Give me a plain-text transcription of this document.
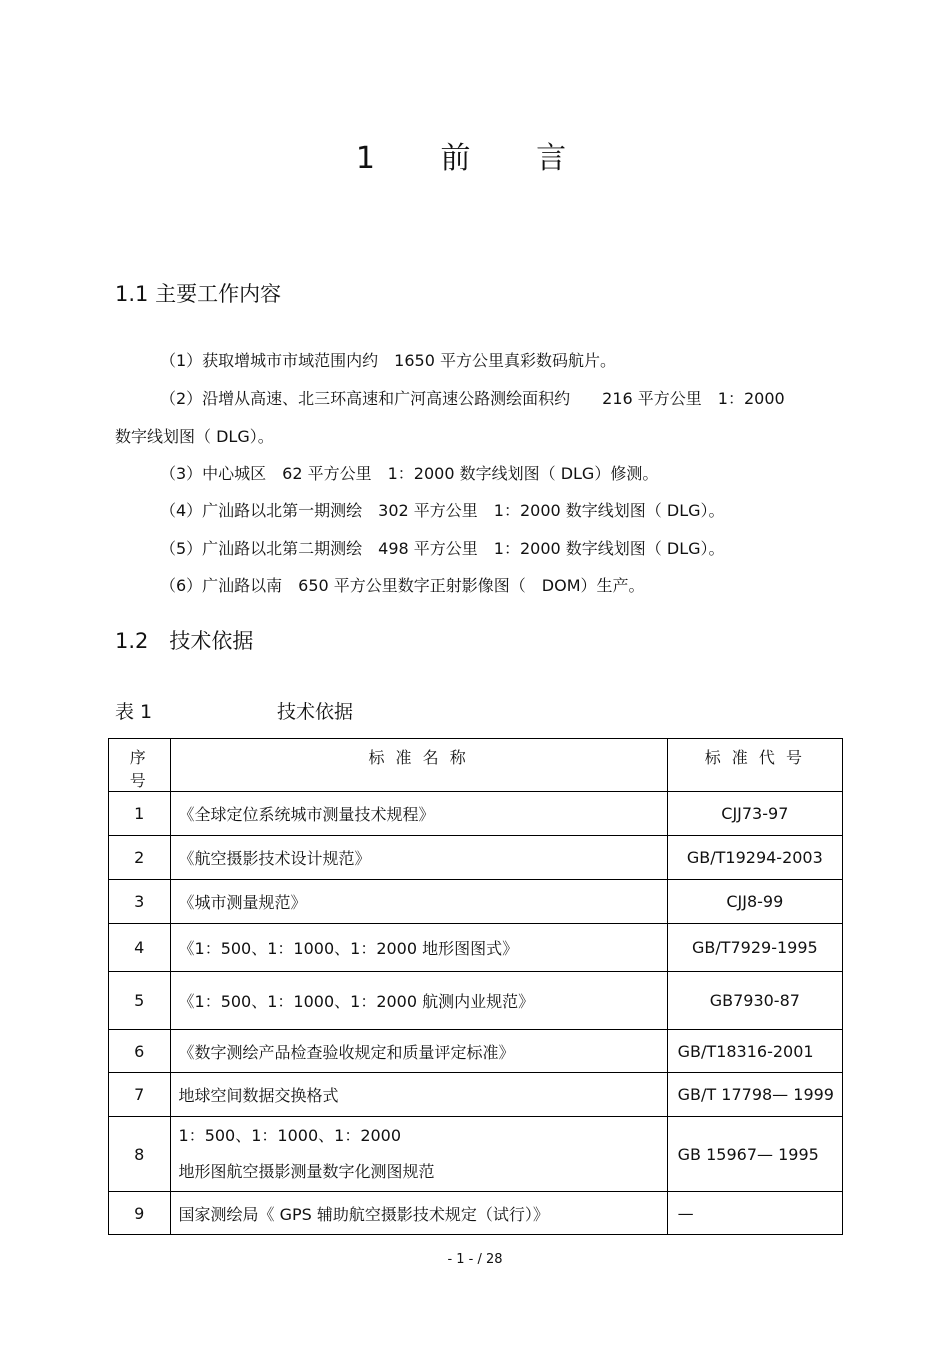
1 前 言
1.1 主要工作内容
（1）获取增城市市域范围内约　1650 平方公里真彩数码航片。
（2）沿增从高速、北三环高速和广河高速公路测绘面积约　　216 平方公里　1：2000
数字线划图（ DLG）。
（3）中心城区　62 平方公里　1：2000 数字线划图（ DLG）修测。
（4）广汕路以北第一期测绘　302 平方公里　1：2000 数字线划图（ DLG）。
（5）广汕路以北第二期测绘　498 平方公里　1：2000 数字线划图（ DLG）。
（6）广汕路以南　650 平方公里数字正射影像图（　DOM）生产。
1.2　技术依据
表 1	技术依据
序 号	标 准 名 称	标 准 代 号
1	《全球定位系统城市测量技术规程》	CJJ73-97
2	《航空摄影技术设计规范》	GB/T19294-2003
3	《城市测量规范》	CJJ8-99
4	《1：500、1：1000、1：2000 地形图图式》	GB/T7929-1995
5	《1：500、1：1000、1：2000 航测内业规范》	GB7930-87
6	《数字测绘产品检查验收规定和质量评定标准》	GB/T18316-2001
7	地球空间数据交换格式	GB/T 17798— 1999
8	1：500、1：1000、1：2000
地形图航空摄影测量数字化测图规范	GB 15967— 1995
9	国家测绘局《 GPS 辅助航空摄影技术规定（试行）》	—
- 1 - / 28
